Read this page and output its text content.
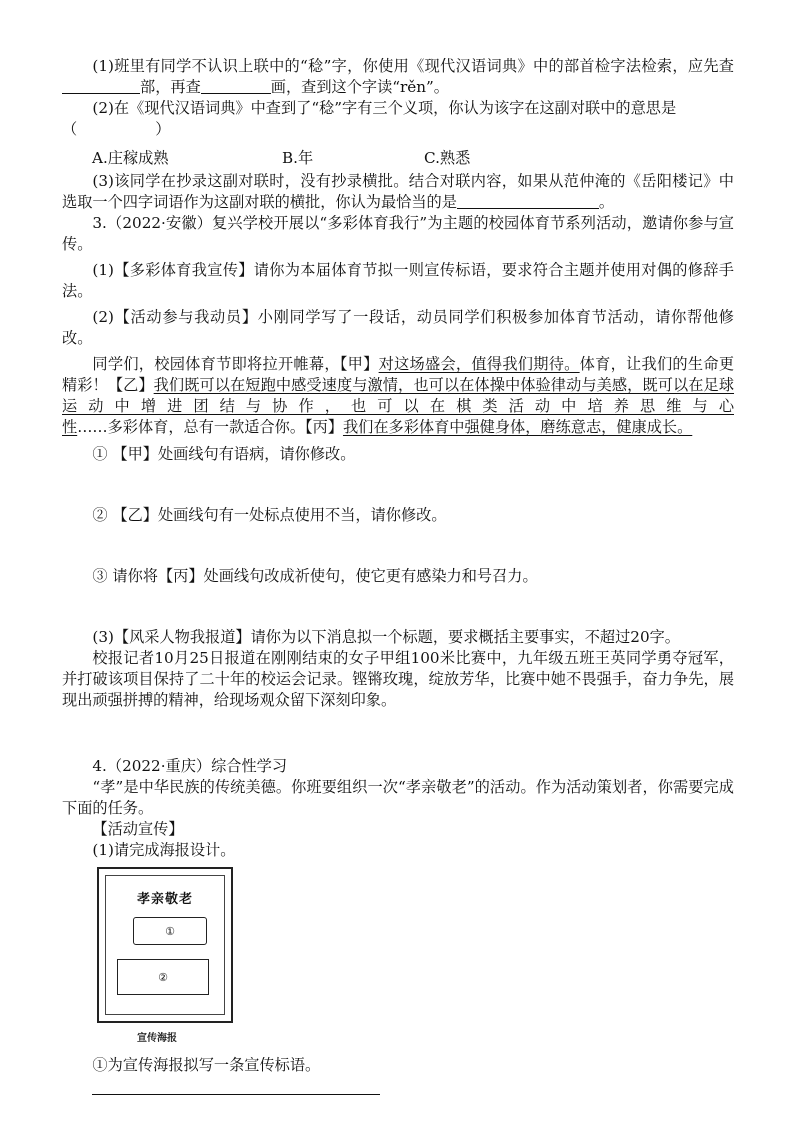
(1)班里有同学不认识上联中的“稔”字，你使用《现代汉语词典》中的部首检字法检索，应先查部，再查	画，查到这个字读“rěn”。

(2)在《现代汉语词典》中查到了“稔”字有三个义项，你认为该字在这副对联中的意思是

（	）

A.庄稼成熟	B.年	C.熟悉

(3)该同学在抄录这副对联时，没有抄录横批。结合对联内容，如果从范仲淹的《岳阳楼记》中选取一个四字词语作为这副对联的横批，你认为最恰当的是	。

3.（2022·安徽）复兴学校开展以“多彩体育我行”为主题的校园体育节系列活动，邀请你参与宣传。

(1)【多彩体育我宣传】请你为本届体育节拟一则宣传标语，要求符合主题并使用对偶的修辞手法。

(2)【活动参与我动员】小刚同学写了一段话，动员同学们积极参加体育节活动，请你帮他修改。

同学们，校园体育节即将拉开帷幕，【甲】对这场盛会，值得我们期待。体育，让我们的生命更精彩！【乙】我们既可以在短跑中感受速度与激情，也可以在体操中体验律动与美感，既可以在足球运动中增进团结与协作，也可以在棋类活动中培养思维与心性……多彩体育，总有一款适合你。【丙】我们在多彩体育中强健身体，磨练意志，健康成长。

① 【甲】处画线句有语病，请你修改。

② 【乙】处画线句有一处标点使用不当，请你修改。

③ 请你将【丙】处画线句改成祈使句，使它更有感染力和号召力。

(3)【风采人物我报道】请你为以下消息拟一个标题，要求概括主要事实，不超过20字。

校报记者10月25日报道在刚刚结束的女子甲组100米比赛中，九年级五班王英同学勇夺冠军，并打破该项目保持了二十年的校运会记录。铿锵玫瑰，绽放芳华，比赛中她不畏强手，奋力争先，展现出顽强拼搏的精神，给现场观众留下深刻印象。

4.（2022·重庆）综合性学习

“孝”是中华民族的传统美德。你班要组织一次“孝亲敬老”的活动。作为活动策划者，你需要完成下面的任务。

【活动宣传】

(1)请完成海报设计。

孝亲敬老
①
②
宣传海报

①为宣传海报拟写一条宣传标语。
